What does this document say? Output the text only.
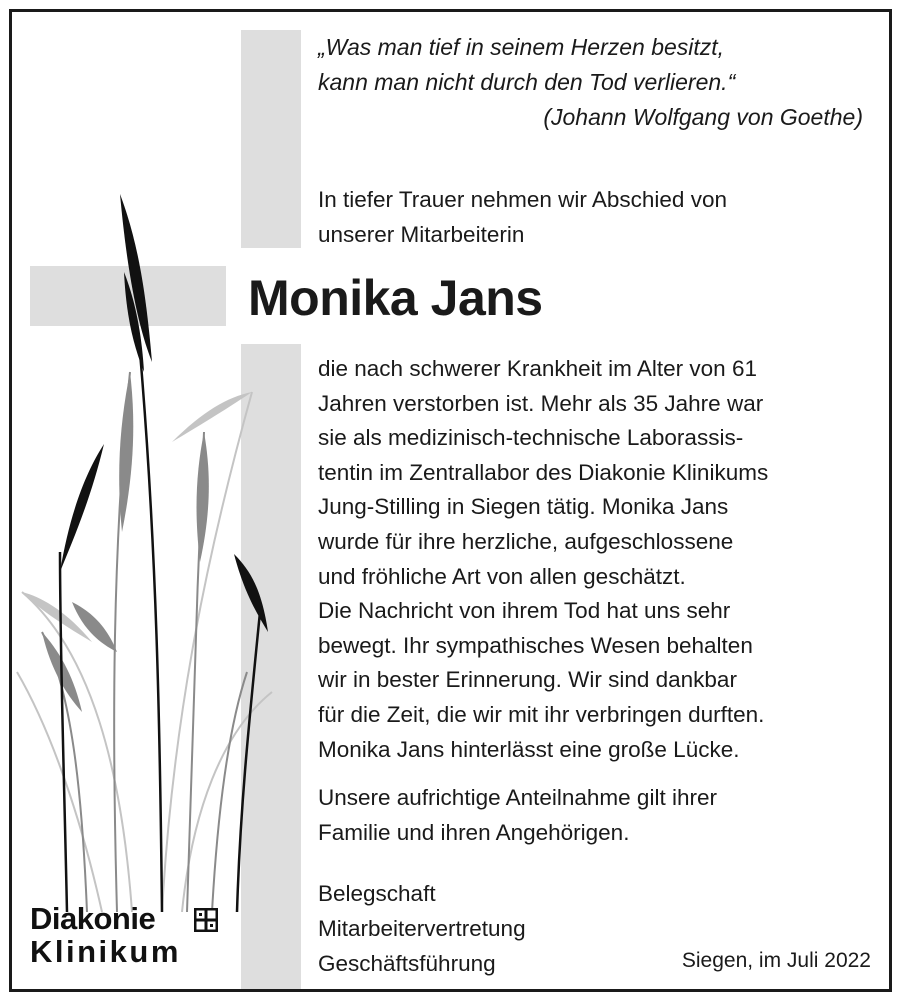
„Was man tief in seinem Herzen besitzt,
kann man nicht durch den Tod verlieren.“
(Johann Wolfgang von Goethe)
In tiefer Trauer nehmen wir Abschied von
unserer Mitarbeiterin
Monika Jans
die nach schwerer Krankheit im Alter von 61
Jahren verstorben ist. Mehr als 35 Jahre war
sie als medizinisch-technische Laborassis-
tentin im Zentrallabor des Diakonie Klinikums
Jung-Stilling in Siegen tätig. Monika Jans
wurde für ihre herzliche, aufgeschlossene
und fröhliche Art von allen geschätzt.
Die Nachricht von ihrem Tod hat uns sehr
bewegt. Ihr sympathisches Wesen behalten
wir in bester Erinnerung. Wir sind dankbar
für die Zeit, die wir mit ihr verbringen durften.
Monika Jans hinterlässt eine große Lücke.
Unsere aufrichtige Anteilnahme gilt ihrer
Familie und ihren Angehörigen.
Belegschaft
Mitarbeitervertretung
Geschäftsführung	Siegen, im Juli 2022
Diakonie
Klinikum
